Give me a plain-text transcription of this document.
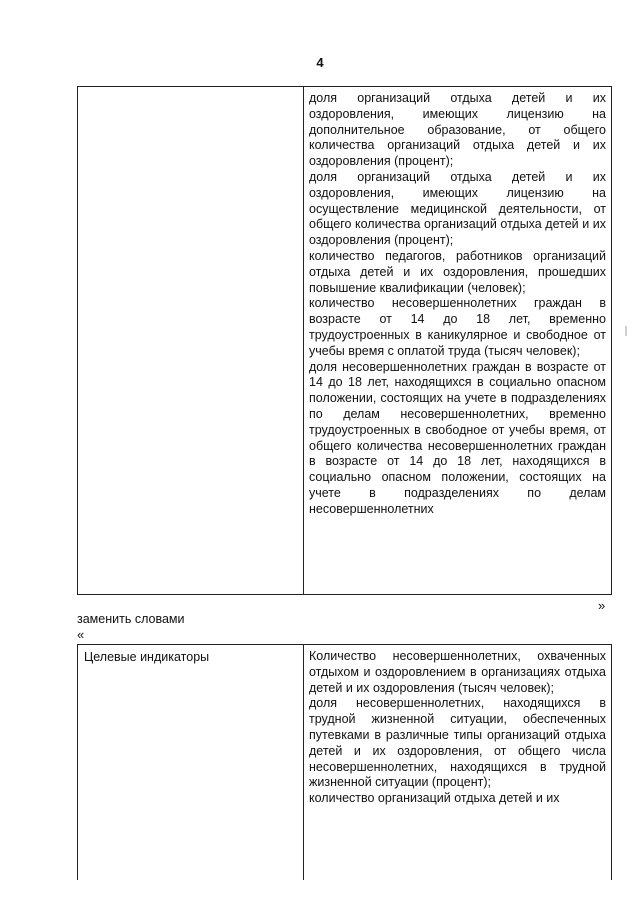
4

доля организаций отдыха детей и их оздоровления, имеющих лицензию на дополнительное образование, от общего количества организаций отдыха детей и их оздоровления (процент);

доля организаций отдыха детей и их оздоровления, имеющих лицензию на осуществление медицинской деятельности, от общего количества организаций отдыха детей и их оздоровления (процент);

количество педагогов, работников организаций отдыха детей и их оздоровления, прошедших повышение квалификации (человек);

количество несовершеннолетних граждан в возрасте от 14 до 18 лет, временно трудоустроенных в каникулярное и свободное от учебы время с оплатой труда (тысяч человек);

доля несовершеннолетних граждан в возрасте от 14 до 18 лет, находящихся в социально опасном положении, состоящих на учете в подразделениях по делам несовершеннолетних, временно трудоустроенных в свободное от учебы время, от общего количества несовершеннолетних граждан в возрасте от 14 до 18 лет, находящихся в социально опасном положении, состоящих на учете в подразделениях по делам несовершеннолетних

»
заменить словами
«
Целевые индикаторы	Количество несовершеннолетних, охваченных отдыхом и оздоровлением в организациях отдыха детей и их оздоровления (тысяч человек);

доля несовершеннолетних, находящихся в трудной жизненной ситуации, обеспеченных путевками в различные типы организаций отдыха детей и их оздоровления, от общего числа несовершеннолетних, находящихся в трудной жизненной ситуации (процент);

количество организаций отдыха детей и их
